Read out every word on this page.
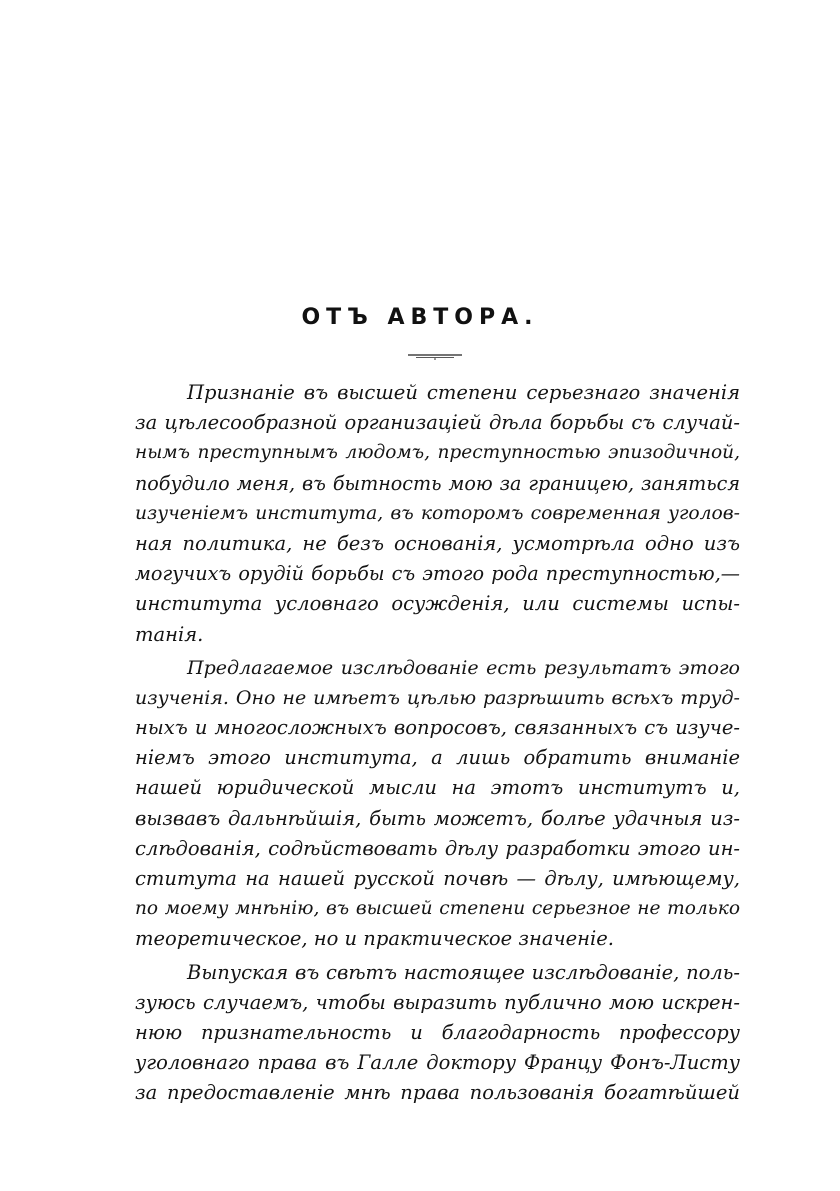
ОТЪ АВТОРА.

Признаніе въ высшей степени серьезнаго значенія
за цѣлесообразной организаціей дѣла борьбы съ случай-
нымъ преступнымъ людомъ, преступностью эпизодичной,
побудило меня, въ бытность мою за границею, заняться
изученіемъ института, въ которомъ современная уголов-
ная политика, не безъ основанія, усмотрѣла одно изъ
могучихъ орудій борьбы съ этого рода преступностью,—
института условнаго осужденія, или системы испы-
танія.

Предлагаемое изслѣдованіе есть результатъ этого
изученія. Оно не имѣетъ цѣлью разрѣшить всѣхъ труд-
ныхъ и многосложныхъ вопросовъ, связанныхъ съ изуче-
ніемъ этого института, а лишь обратить вниманіе
нашей юридической мысли на этотъ институтъ и,
вызвавъ дальнѣйшія, быть можетъ, болѣе удачныя из-
слѣдованія, содѣйствовать дѣлу разработки этого ин-
ститута на нашей русской почвѣ — дѣлу, имѣющему,
по моему мнѣнію, въ высшей степени серьезное не только
теоретическое, но и практическое значеніе.

Выпуская въ свѣтъ настоящее изслѣдованіе, поль-
зуюсь случаемъ, чтобы выразить публично мою искрен-
нюю признательность и благодарность профессору
уголовнаго права въ Галле доктору Францу Фонъ-Листу
за предоставленіе мнѣ права пользованія богатѣйшей
